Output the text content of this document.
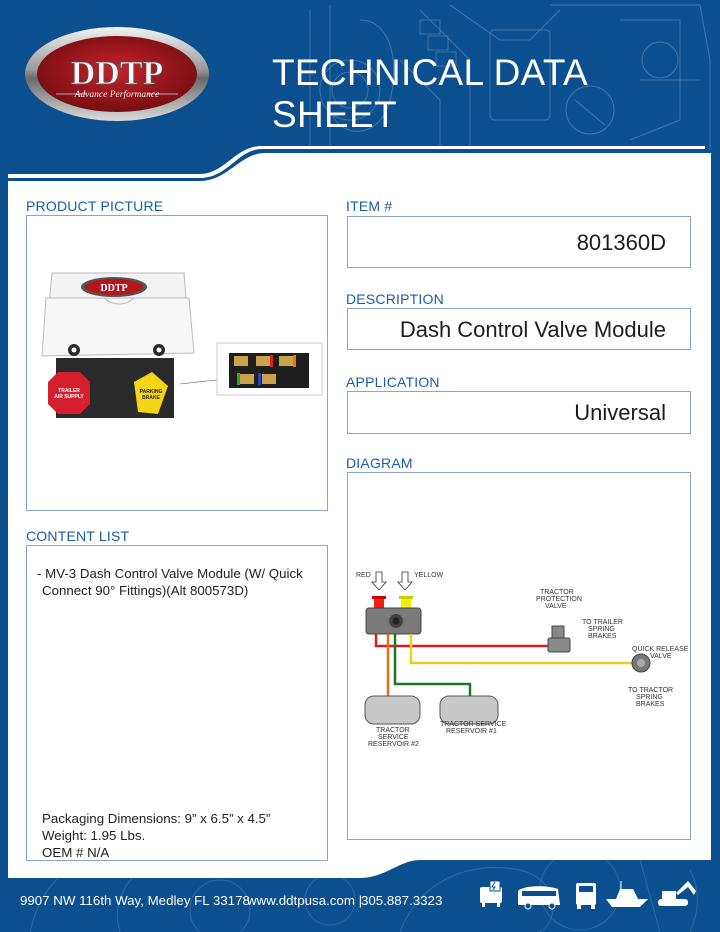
DDTP
Advance Performance
TECHNICAL DATA SHEET
PRODUCT PICTURE
DDTP
TRAILER
AIR SUPPLY
PARKING
BRAKE
ITEM #
801360D
DESCRIPTION
Dash Control Valve Module
APPLICATION
Universal
DIAGRAM
RED	YELLOW
TRACTOR
PROTECTION
VALVE
TO TRAILER
SPRING
BRAKES
QUICK RELEASE
VALVE
TO TRACTOR
SPRING
BRAKES
TRACTOR
SERVICE
RESERVOIR #2
TRACTOR SERVICE
RESERVOIR #1
CONTENT LIST
- MV-3 Dash Control Valve Module (W/ Quick
Connect 90° Fittings)(Alt 800573D)
Packaging Dimensions: 9” x 6.5” x 4.5”
Weight: 1.95 Lbs.
OEM # N/A
9907 NW 116th Way, Medley FL 33178
www.ddtpusa.com |
305.887.3323
